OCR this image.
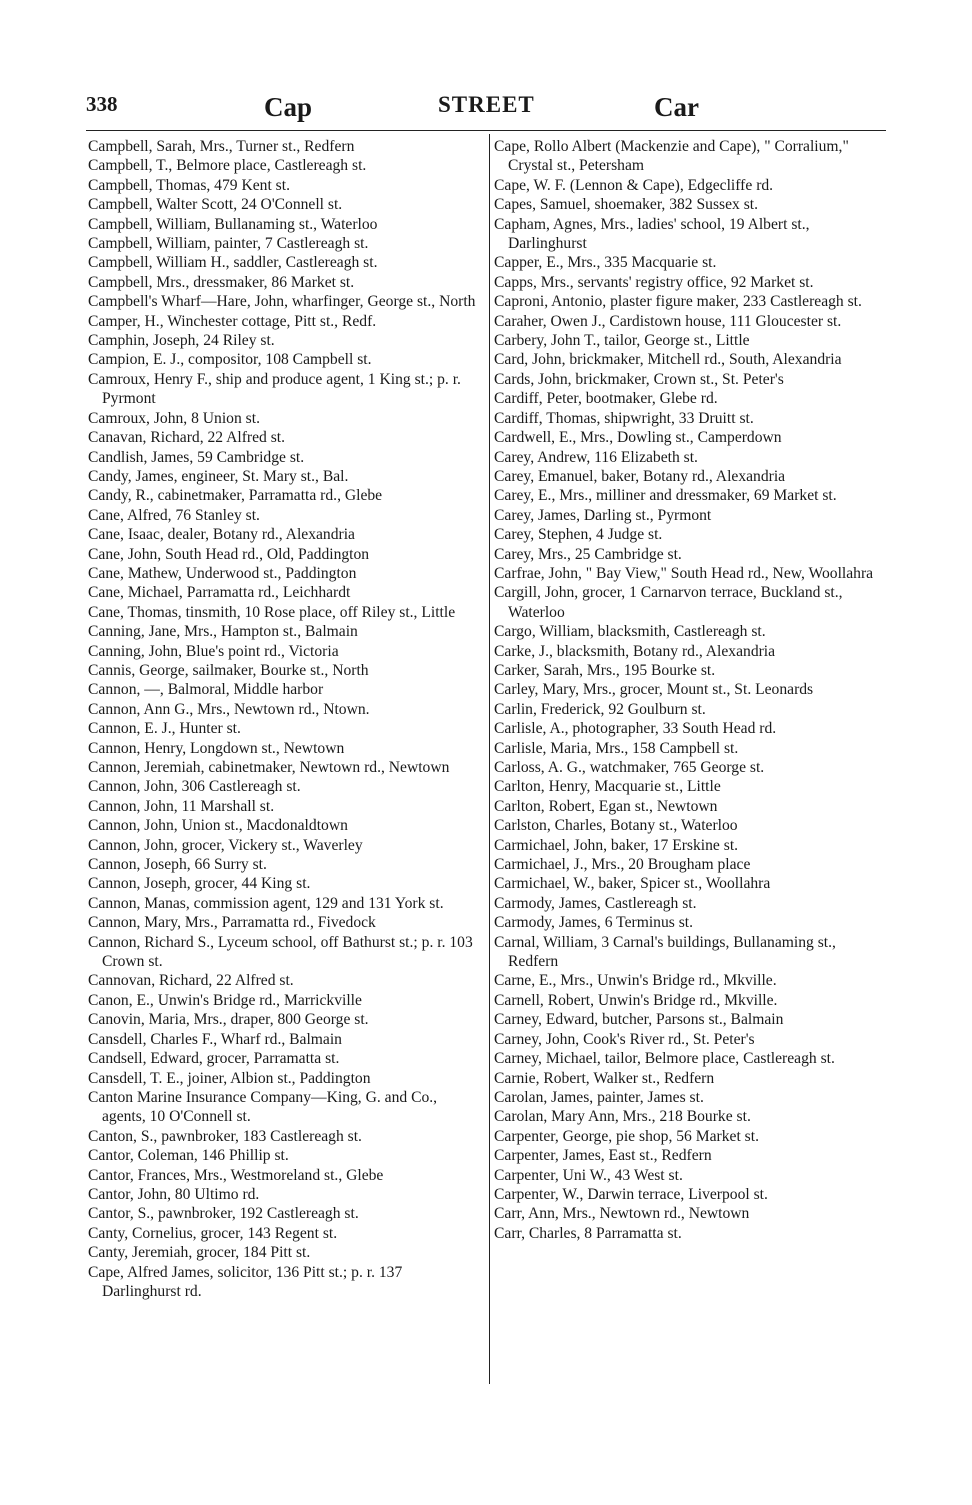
338	Cap	STREET	Car

Campbell, Sarah, Mrs., Turner st., Redfern

Campbell, T., Belmore place, Castlereagh st.

Campbell, Thomas, 479 Kent st.

Campbell, Walter Scott, 24 O'Connell st.

Campbell, William, Bullanaming st., Waterloo

Campbell, William, painter, 7 Castlereagh st.

Campbell, William H., saddler, Castlereagh st.

Campbell, Mrs., dressmaker, 86 Market st.

Campbell's Wharf—Hare, John, wharfinger, George st., North

Camper, H., Winchester cottage, Pitt st., Redf.

Camphin, Joseph, 24 Riley st.

Campion, E. J., compositor, 108 Campbell st.

Camroux, Henry F., ship and produce agent, 1 King st.; p. r. Pyrmont

Camroux, John, 8 Union st.

Canavan, Richard, 22 Alfred st.

Candlish, James, 59 Cambridge st.

Candy, James, engineer, St. Mary st., Bal.

Candy, R., cabinetmaker, Parramatta rd., Glebe

Cane, Alfred, 76 Stanley st.

Cane, Isaac, dealer, Botany rd., Alexandria

Cane, John, South Head rd., Old, Paddington

Cane, Mathew, Underwood st., Paddington

Cane, Michael, Parramatta rd., Leichhardt

Cane, Thomas, tinsmith, 10 Rose place, off Riley st., Little

Canning, Jane, Mrs., Hampton st., Balmain

Canning, John, Blue's point rd., Victoria

Cannis, George, sailmaker, Bourke st., North

Cannon, —, Balmoral, Middle harbor

Cannon, Ann G., Mrs., Newtown rd., Ntown.

Cannon, E. J., Hunter st.

Cannon, Henry, Longdown st., Newtown

Cannon, Jeremiah, cabinetmaker, Newtown rd., Newtown

Cannon, John, 306 Castlereagh st.

Cannon, John, 11 Marshall st.

Cannon, John, Union st., Macdonaldtown

Cannon, John, grocer, Vickery st., Waverley

Cannon, Joseph, 66 Surry st.

Cannon, Joseph, grocer, 44 King st.

Cannon, Manas, commission agent, 129 and 131 York st.

Cannon, Mary, Mrs., Parramatta rd., Fivedock

Cannon, Richard S., Lyceum school, off Bathurst st.; p. r. 103 Crown st.

Cannovan, Richard, 22 Alfred st.

Canon, E., Unwin's Bridge rd., Marrickville

Canovin, Maria, Mrs., draper, 800 George st.

Cansdell, Charles F., Wharf rd., Balmain

Candsell, Edward, grocer, Parramatta st.

Cansdell, T. E., joiner, Albion st., Paddington

Canton Marine Insurance Company—King, G. and Co., agents, 10 O'Connell st.

Canton, S., pawnbroker, 183 Castlereagh st.

Cantor, Coleman, 146 Phillip st.

Cantor, Frances, Mrs., Westmoreland st., Glebe

Cantor, John, 80 Ultimo rd.

Cantor, S., pawnbroker, 192 Castlereagh st.

Canty, Cornelius, grocer, 143 Regent st.

Canty, Jeremiah, grocer, 184 Pitt st.

Cape, Alfred James, solicitor, 136 Pitt st.; p. r. 137 Darlinghurst rd.

Cape, Rollo Albert (Mackenzie and Cape), " Corralium," Crystal st., Petersham

Cape, W. F. (Lennon & Cape), Edgecliffe rd.

Capes, Samuel, shoemaker, 382 Sussex st.

Capham, Agnes, Mrs., ladies' school, 19 Albert st., Darlinghurst

Capper, E., Mrs., 335 Macquarie st.

Capps, Mrs., servants' registry office, 92 Market st.

Caproni, Antonio, plaster figure maker, 233 Castlereagh st.

Caraher, Owen J., Cardistown house, 111 Gloucester st.

Carbery, John T., tailor, George st., Little

Card, John, brickmaker, Mitchell rd., South, Alexandria

Cards, John, brickmaker, Crown st., St. Peter's

Cardiff, Peter, bootmaker, Glebe rd.

Cardiff, Thomas, shipwright, 33 Druitt st.

Cardwell, E., Mrs., Dowling st., Camperdown

Carey, Andrew, 116 Elizabeth st.

Carey, Emanuel, baker, Botany rd., Alexandria

Carey, E., Mrs., milliner and dressmaker, 69 Market st.

Carey, James, Darling st., Pyrmont

Carey, Stephen, 4 Judge st.

Carey, Mrs., 25 Cambridge st.

Carfrae, John, " Bay View," South Head rd., New, Woollahra

Cargill, John, grocer, 1 Carnarvon terrace, Buckland st., Waterloo

Cargo, William, blacksmith, Castlereagh st.

Carke, J., blacksmith, Botany rd., Alexandria

Carker, Sarah, Mrs., 195 Bourke st.

Carley, Mary, Mrs., grocer, Mount st., St. Leonards

Carlin, Frederick, 92 Goulburn st.

Carlisle, A., photographer, 33 South Head rd.

Carlisle, Maria, Mrs., 158 Campbell st.

Carloss, A. G., watchmaker, 765 George st.

Carlton, Henry, Macquarie st., Little

Carlton, Robert, Egan st., Newtown

Carlston, Charles, Botany st., Waterloo

Carmichael, John, baker, 17 Erskine st.

Carmichael, J., Mrs., 20 Brougham place

Carmichael, W., baker, Spicer st., Woollahra

Carmody, James, Castlereagh st.

Carmody, James, 6 Terminus st.

Carnal, William, 3 Carnal's buildings, Bullanaming st., Redfern

Carne, E., Mrs., Unwin's Bridge rd., Mkville.

Carnell, Robert, Unwin's Bridge rd., Mkville.

Carney, Edward, butcher, Parsons st., Balmain

Carney, John, Cook's River rd., St. Peter's

Carney, Michael, tailor, Belmore place, Castlereagh st.

Carnie, Robert, Walker st., Redfern

Carolan, James, painter, James st.

Carolan, Mary Ann, Mrs., 218 Bourke st.

Carpenter, George, pie shop, 56 Market st.

Carpenter, James, East st., Redfern

Carpenter, Uni W., 43 West st.

Carpenter, W., Darwin terrace, Liverpool st.

Carr, Ann, Mrs., Newtown rd., Newtown

Carr, Charles, 8 Parramatta st.
